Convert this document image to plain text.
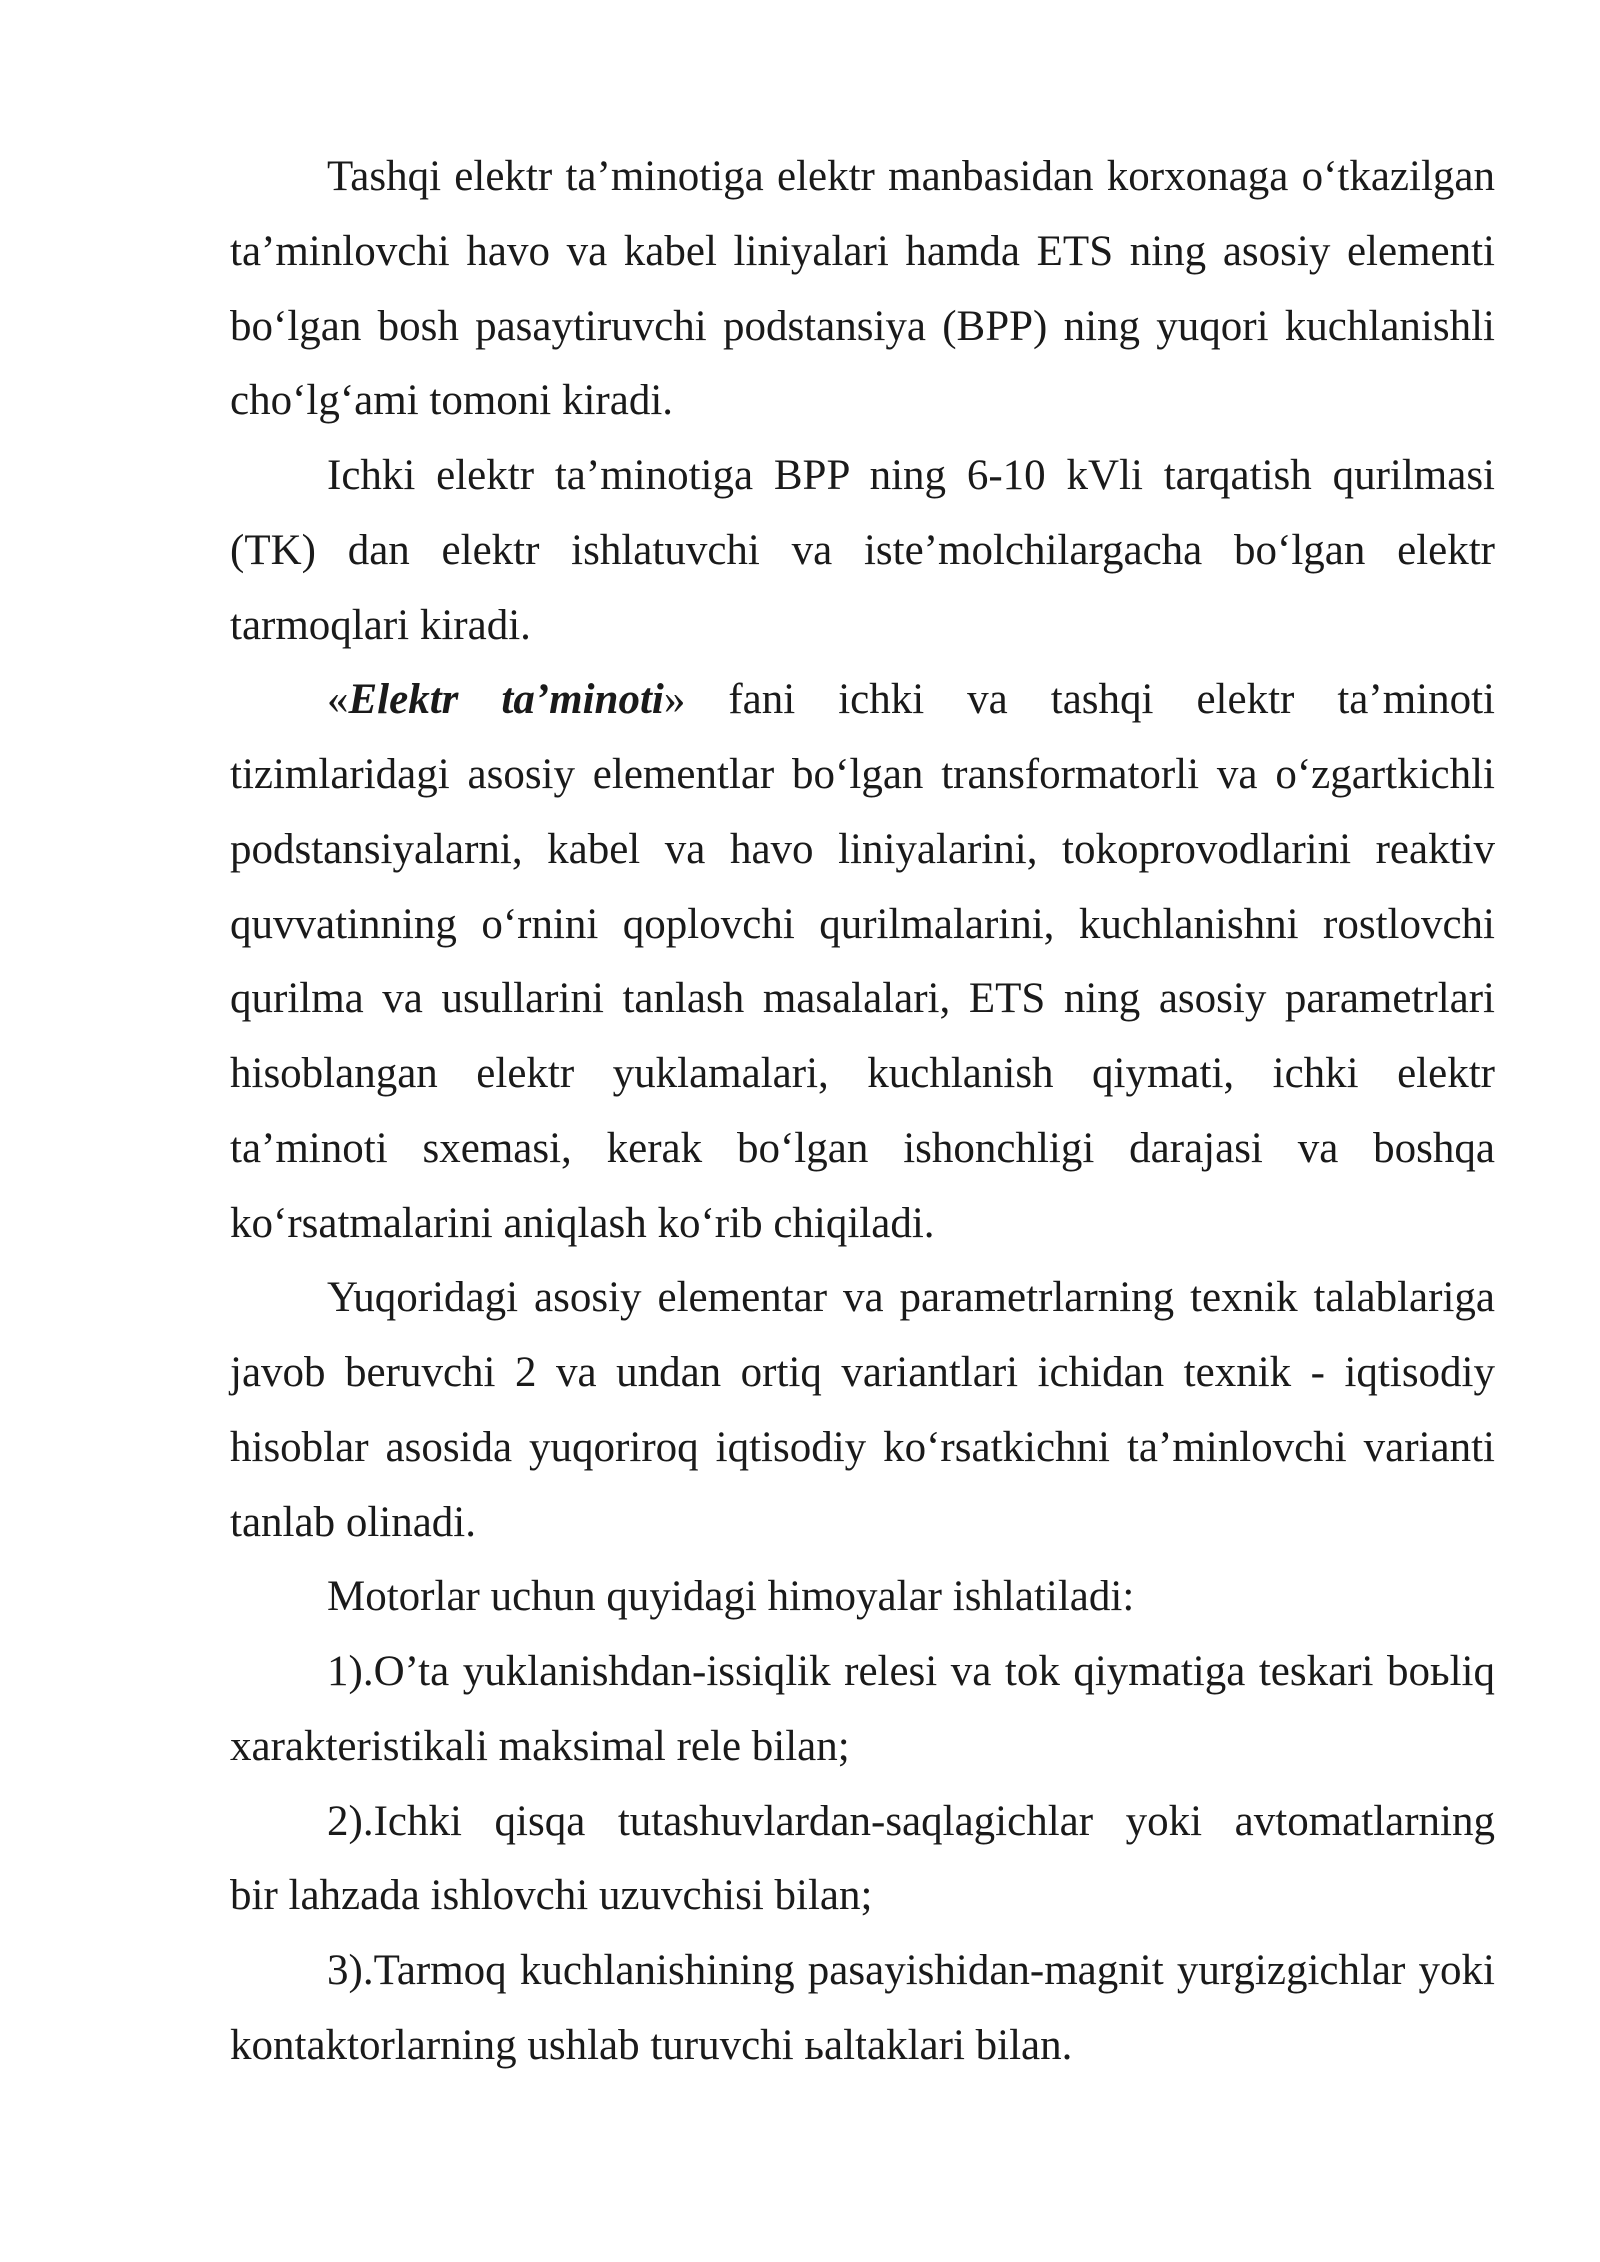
Tashqi elektr ta’minotiga elektr manbasidan korxonaga o‘tkazilgan
ta’minlovchi havo va kabel liniyalari hamda ETS ning asosiy elementi
bo‘lgan bosh pasaytiruvchi podstansiya (BPP) ning yuqori kuchlanishli
cho‘lg‘ami tomoni kiradi.
Ichki elektr ta’minotiga BPP ning 6-10 kVli tarqatish qurilmasi
(TK) dan elektr ishlatuvchi va iste’molchilargacha bo‘lgan elektr
tarmoqlari kiradi.
«Elektr ta’minoti» fani ichki va tashqi elektr ta’minoti
tizimlaridagi asosiy elementlar bo‘lgan transformatorli va o‘zgartkichli
podstansiyalarni, kabel va havo liniyalarini, tokoprovodlarini reaktiv
quvvatinning o‘rnini qoplovchi qurilmalarini, kuchlanishni rostlovchi
qurilma va usullarini tanlash masalalari, ETS ning asosiy parametrlari
hisoblangan elektr yuklamalari, kuchlanish qiymati, ichki elektr
ta’minoti sxemasi, kerak bo‘lgan ishonchligi darajasi va boshqa
ko‘rsatmalarini aniqlash ko‘rib chiqiladi.
Yuqoridagi asosiy elementar va parametrlarning texnik talablariga
javob beruvchi 2 va undan ortiq variantlari ichidan texnik - iqtisodiy
hisoblar asosida yuqoriroq iqtisodiy ko‘rsatkichni ta’minlovchi varianti
tanlab olinadi.
Motorlar uchun quyidagi himoyalar ishlatiladi:
1).O’ta yuklanishdan-issiqlik relesi va tok qiymatiga teskari boьliq
xarakteristikali maksimal rele bilan;
2).Ichki qisqa tutashuvlardan-saqlagichlar yoki avtomatlarning
bir lahzada ishlovchi uzuvchisi bilan;
3).Tarmoq kuchlanishining pasayishidan-magnit yurgizgichlar yoki
kontaktorlarning ushlab turuvchi ьaltaklari bilan.
